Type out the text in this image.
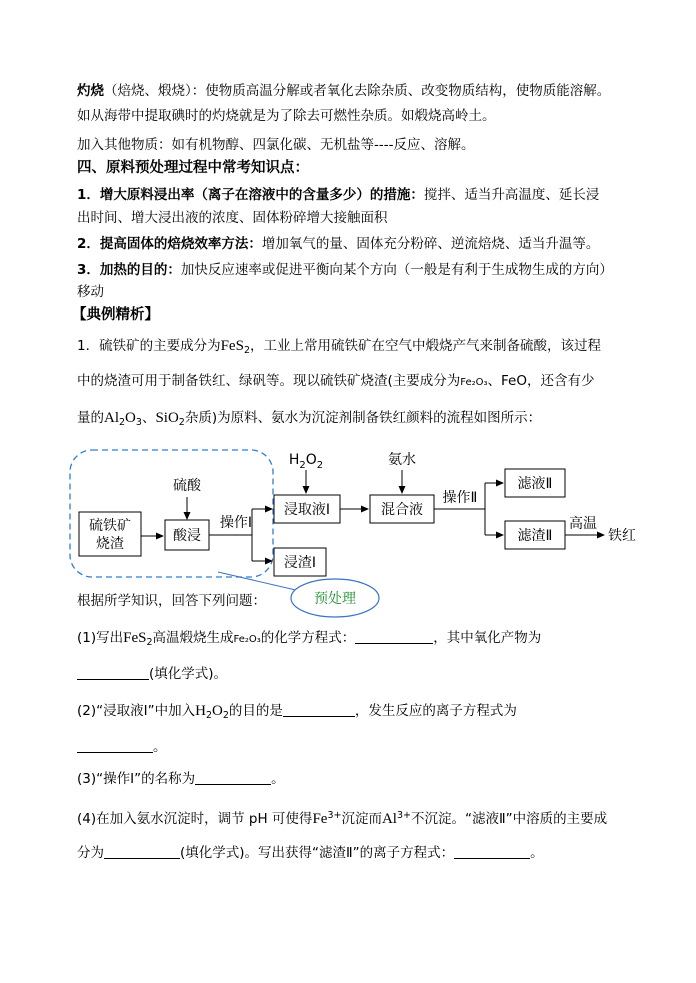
灼烧（焙烧、煅烧）：使物质高温分解或者氧化去除杂质、改变物质结构，使物质能溶解。
如从海带中提取碘时的灼烧就是为了除去可燃性杂质。如煅烧高岭土。
加入其他物质：如有机物醇、四氯化碳、无机盐等----反应、溶解。
四、原料预处理过程中常考知识点：
1．增大原料浸出率（离子在溶液中的含量多少）的措施：搅拌、适当升高温度、延长浸
出时间、增大浸出液的浓度、固体粉碎增大接触面积
2．提高固体的焙烧效率方法：增加氧气的量、固体充分粉碎、逆流焙烧、适当升温等。
3．加热的目的：加快反应速率或促进平衡向某个方向（一般是有利于生成物生成的方向）
移动
【典例精析】
1．硫铁矿的主要成分为FeS$_2$，工业上常用硫铁矿在空气中煅烧产气来制备硫酸，该过程
中的烧渣可用于制备铁红、绿矾等。现以硫铁矿烧渣(主要成分为Fe₂O₃、FeO，还含有少
量的$Al_2O_3$、SiO$_2$杂质)为原料、氨水为沉淀剂制备铁红颜料的流程如图所示：
硫铁矿
烧渣
硫酸
酸浸
操作Ⅰ
$H_2O_2$
浸取液Ⅰ
浸渣Ⅰ
氨水
混合液
操作Ⅱ
滤液Ⅱ
滤渣Ⅱ
高温
铁红
预处理
根据所学知识，回答下列问题：
(1)写出FeS$_2$高温煅烧生成Fe₂O₃的化学方程式：	，其中氧化产物为
(填化学式)。
(2)“浸取液Ⅰ”中加入$H_2O_2$的目的是	，发生反应的离子方程式为
。
(3)“操作Ⅰ”的名称为	。
(4)在加入氨水沉淀时，调节 pH 可使得$Fe^{3+}$沉淀而$Al^{3+}$不沉淀。“滤液Ⅱ”中溶质的主要成
分为	(填化学式)。写出获得“滤渣Ⅱ”的离子方程式：	。
